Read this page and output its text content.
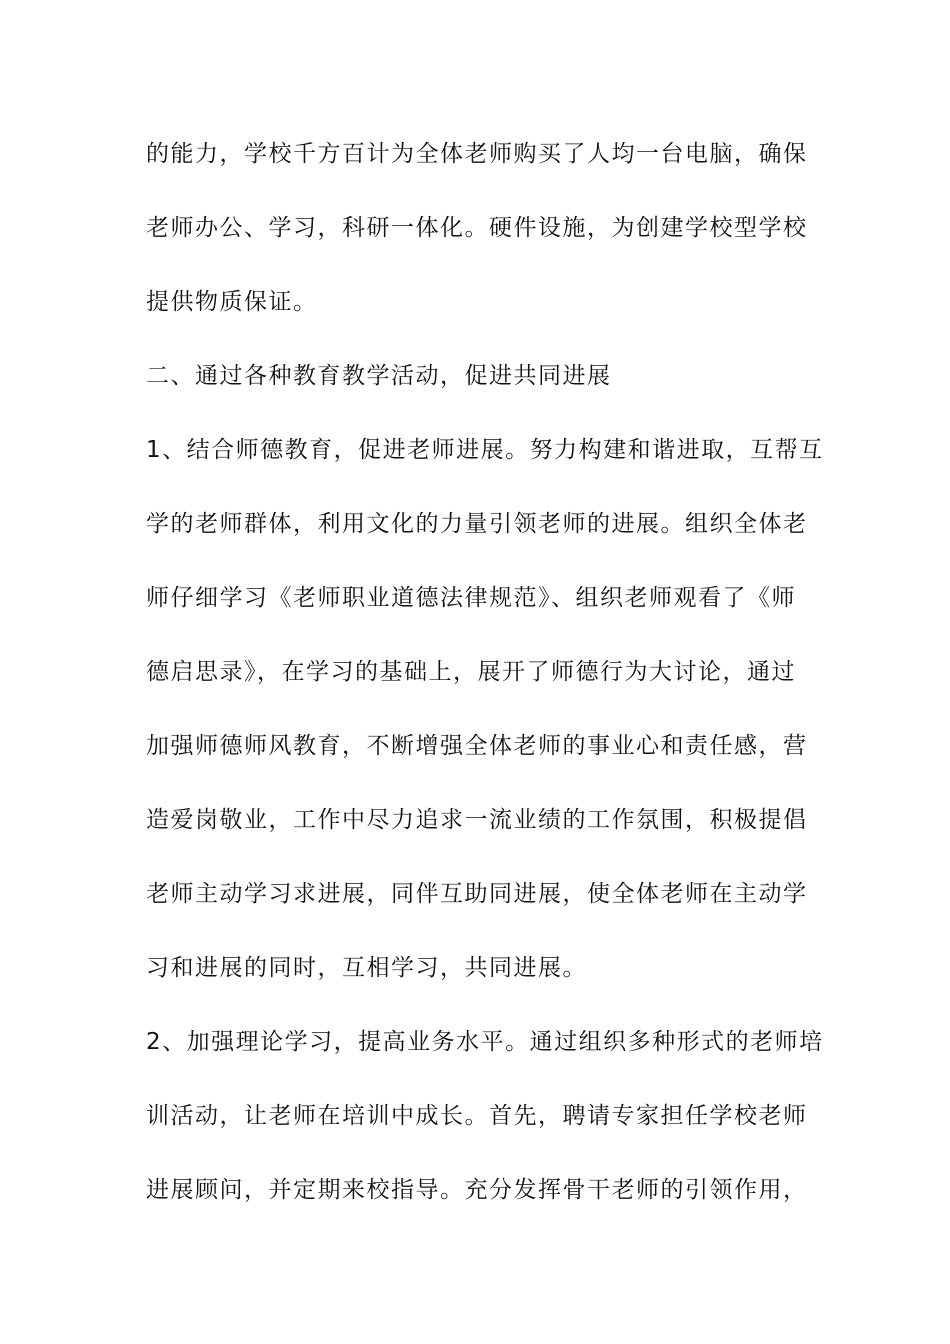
的能力，学校千方百计为全体老师购买了人均一台电脑，确保
老师办公、学习，科研一体化。硬件设施，为创建学校型学校
提供物质保证。
二、通过各种教育教学活动，促进共同进展
1、结合师德教育，促进老师进展。努力构建和谐进取，互帮互
学的老师群体，利用文化的力量引领老师的进展。组织全体老
师仔细学习《老师职业道德法律规范》、组织老师观看了《师
德启思录》，在学习的基础上，展开了师德行为大讨论，通过
加强师德师风教育，不断增强全体老师的事业心和责任感，营
造爱岗敬业，工作中尽力追求一流业绩的工作氛围，积极提倡
老师主动学习求进展，同伴互助同进展，使全体老师在主动学
习和进展的同时，互相学习，共同进展。
2、加强理论学习，提高业务水平。通过组织多种形式的老师培
训活动，让老师在培训中成长。首先，聘请专家担任学校老师
进展顾问，并定期来校指导。充分发挥骨干老师的引领作用，
